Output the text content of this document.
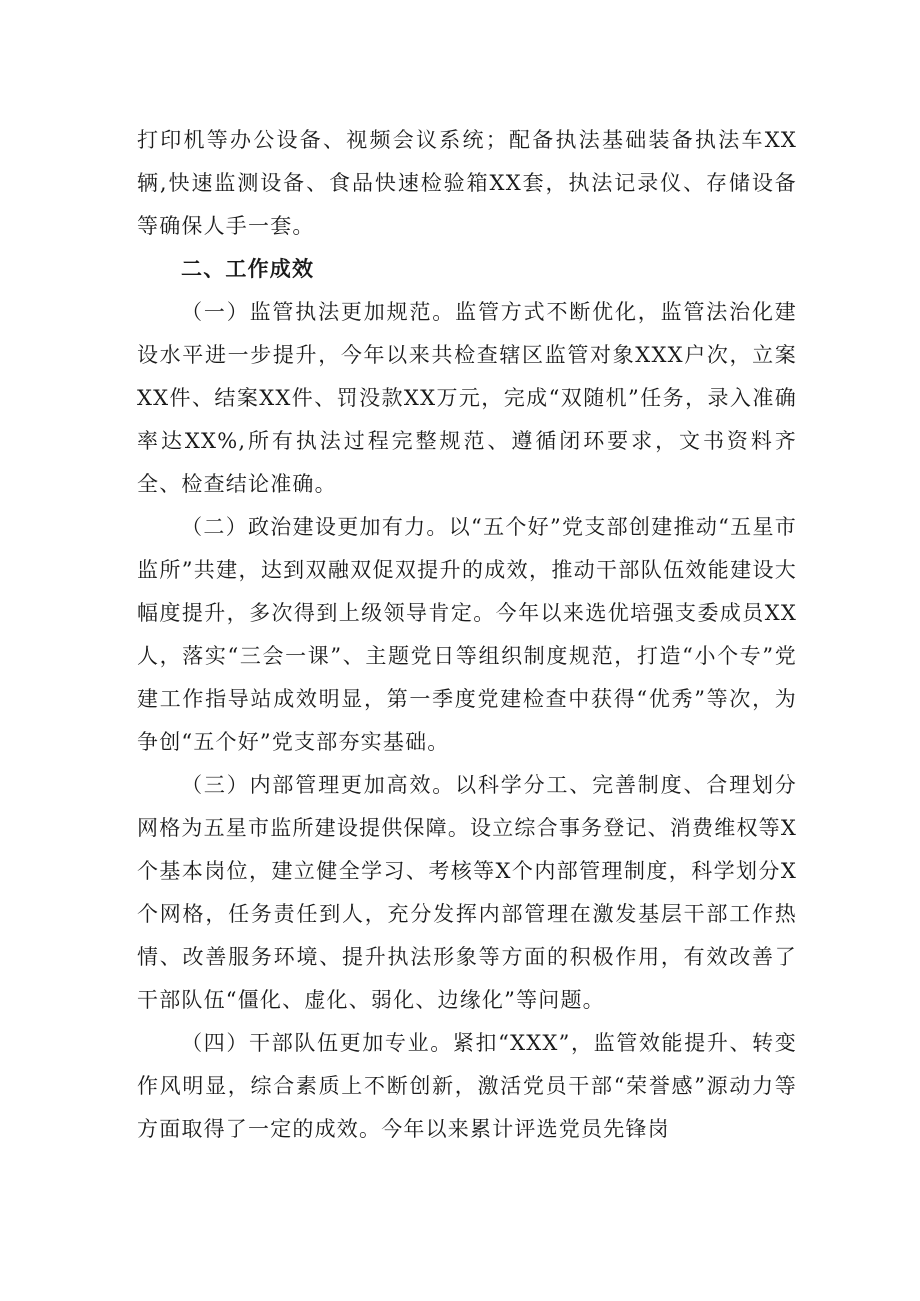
打印机等办公设备、视频会议系统；配备执法基础装备执法车XX辆,快速监测设备、食品快速检验箱XX套，执法记录仪、存储设备等确保人手一套。

二、工作成效

（一）监管执法更加规范。监管方式不断优化，监管法治化建设水平进一步提升，今年以来共检查辖区监管对象XXX户次，立案XX件、结案XX件、罚没款XX万元，完成“双随机”任务，录入准确率达XX%,所有执法过程完整规范、遵循闭环要求，文书资料齐全、检查结论准确。

（二）政治建设更加有力。以“五个好”党支部创建推动“五星市监所”共建，达到双融双促双提升的成效，推动干部队伍效能建设大幅度提升，多次得到上级领导肯定。今年以来选优培强支委成员XX人，落实“三会一课”、主题党日等组织制度规范，打造“小个专”党建工作指导站成效明显，第一季度党建检查中获得“优秀”等次，为争创“五个好”党支部夯实基础。

（三）内部管理更加高效。以科学分工、完善制度、合理划分网格为五星市监所建设提供保障。设立综合事务登记、消费维权等X个基本岗位，建立健全学习、考核等X个内部管理制度，科学划分X个网格，任务责任到人，充分发挥内部管理在激发基层干部工作热情、改善服务环境、提升执法形象等方面的积极作用，有效改善了干部队伍“僵化、虚化、弱化、边缘化”等问题。

（四）干部队伍更加专业。紧扣“XXX”，监管效能提升、转变作风明显，综合素质上不断创新，激活党员干部“荣誉感”源动力等方面取得了一定的成效。今年以来累计评选党员先锋岗
